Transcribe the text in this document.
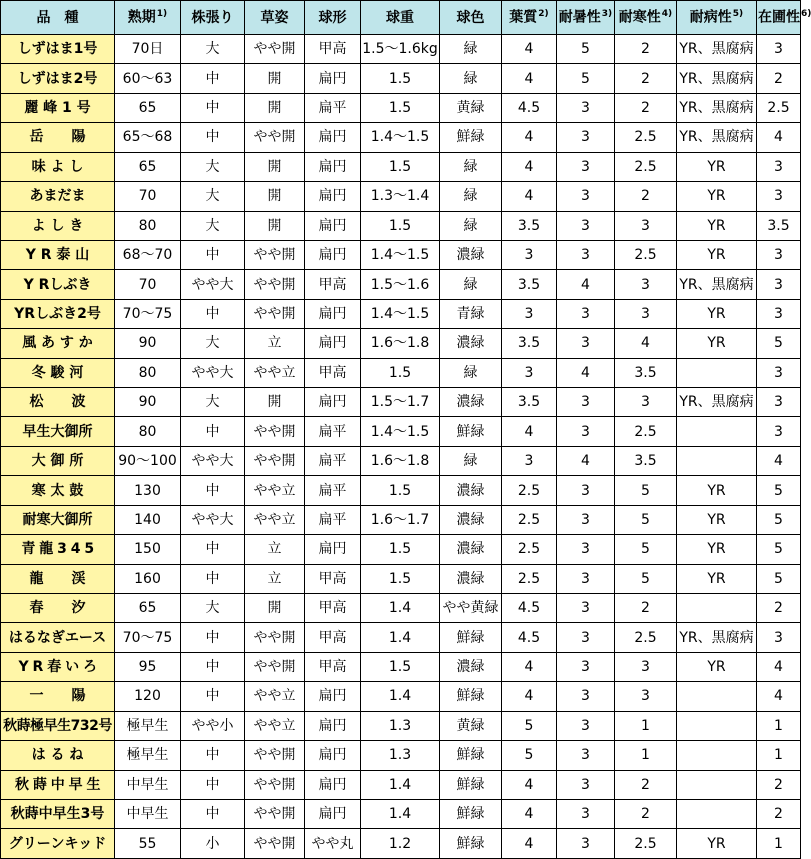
品　種	熟期$^{1)}$	株張り	草姿	球形	球重	球色	葉質$^{2)}$	耐暑性$^{3)}$	耐寒性$^{4)}$	耐病性$^{5)}$	在圃性$^{6)}$
しずはま1号	70日	大	やや開	甲高	1.5～1.6kg	緑	4	5	2	YR、黒腐病	3
しずはま2号	60～63	中	開	扁円	1.5	緑	4	5	2	YR、黒腐病	2
麗 峰 1 号	65	中	開	扁平	1.5	黄緑	4.5	3	2	YR、黒腐病	2.5
岳　　陽	65～68	中	やや開	扁円	1.4～1.5	鮮緑	4	3	2.5	YR、黒腐病	4
味 よ し	65	大	開	扁円	1.5	緑	4	3	2.5	YR	3
あまだま	70	大	開	扁円	1.3～1.4	緑	4	3	2	YR	3
よ し き	80	大	開	扁円	1.5	緑	3.5	3	3	YR	3.5
Y R 泰 山	68～70	中	やや開	扁円	1.4～1.5	濃緑	3	3	2.5	YR	3
Y Rしぶき	70	やや大	やや開	甲高	1.5～1.6	緑	3.5	4	3	YR、黒腐病	3
YRしぶき2号	70～75	中	やや開	扁円	1.4～1.5	青緑	3	3	3	YR	3
風 あ す か	90	大	立	扁円	1.6～1.8	濃緑	3.5	3	4	YR	5
冬 駿 河	80	やや大	やや立	甲高	1.5	緑	3	4	3.5		3
松　　波	90	大	開	扁円	1.5～1.7	濃緑	3.5	3	3	YR、黒腐病	3
早生大御所	80	中	やや開	扁平	1.4～1.5	鮮緑	4	3	2.5		3
大 御 所	90～100	やや大	やや開	扁平	1.6～1.8	緑	3	4	3.5		4
寒 太 鼓	130	中	やや立	扁平	1.5	濃緑	2.5	3	5	YR	5
耐寒大御所	140	やや大	やや立	扁平	1.6～1.7	濃緑	2.5	3	5	YR	5
青 龍 3 4 5	150	中	立	扁円	1.5	濃緑	2.5	3	5	YR	5
龍　　渓	160	中	立	甲高	1.5	濃緑	2.5	3	5	YR	5
春　　汐	65	大	開	甲高	1.4	やや黄緑	4.5	3	2		2
はるなぎエース	70～75	中	やや開	甲高	1.4	鮮緑	4.5	3	2.5	YR、黒腐病	3
Y R 春 い ろ	95	中	やや開	甲高	1.5	濃緑	4	3	3	YR	4
一　　陽	120	中	やや立	扁円	1.4	鮮緑	4	3	3		4
秋蒔極早生732号	極早生	やや小	やや立	扁円	1.3	黄緑	5	3	1		1
は る ね	極早生	中	やや開	扁円	1.3	鮮緑	5	3	1		1
秋 蒔 中 早 生	中早生	中	やや開	扁円	1.4	鮮緑	4	3	2		2
秋蒔中早生3号	中早生	中	やや開	扁円	1.4	鮮緑	4	3	2		2
グリーンキッド	55	小	やや開	やや丸	1.2	鮮緑	4	3	2.5	YR	1
